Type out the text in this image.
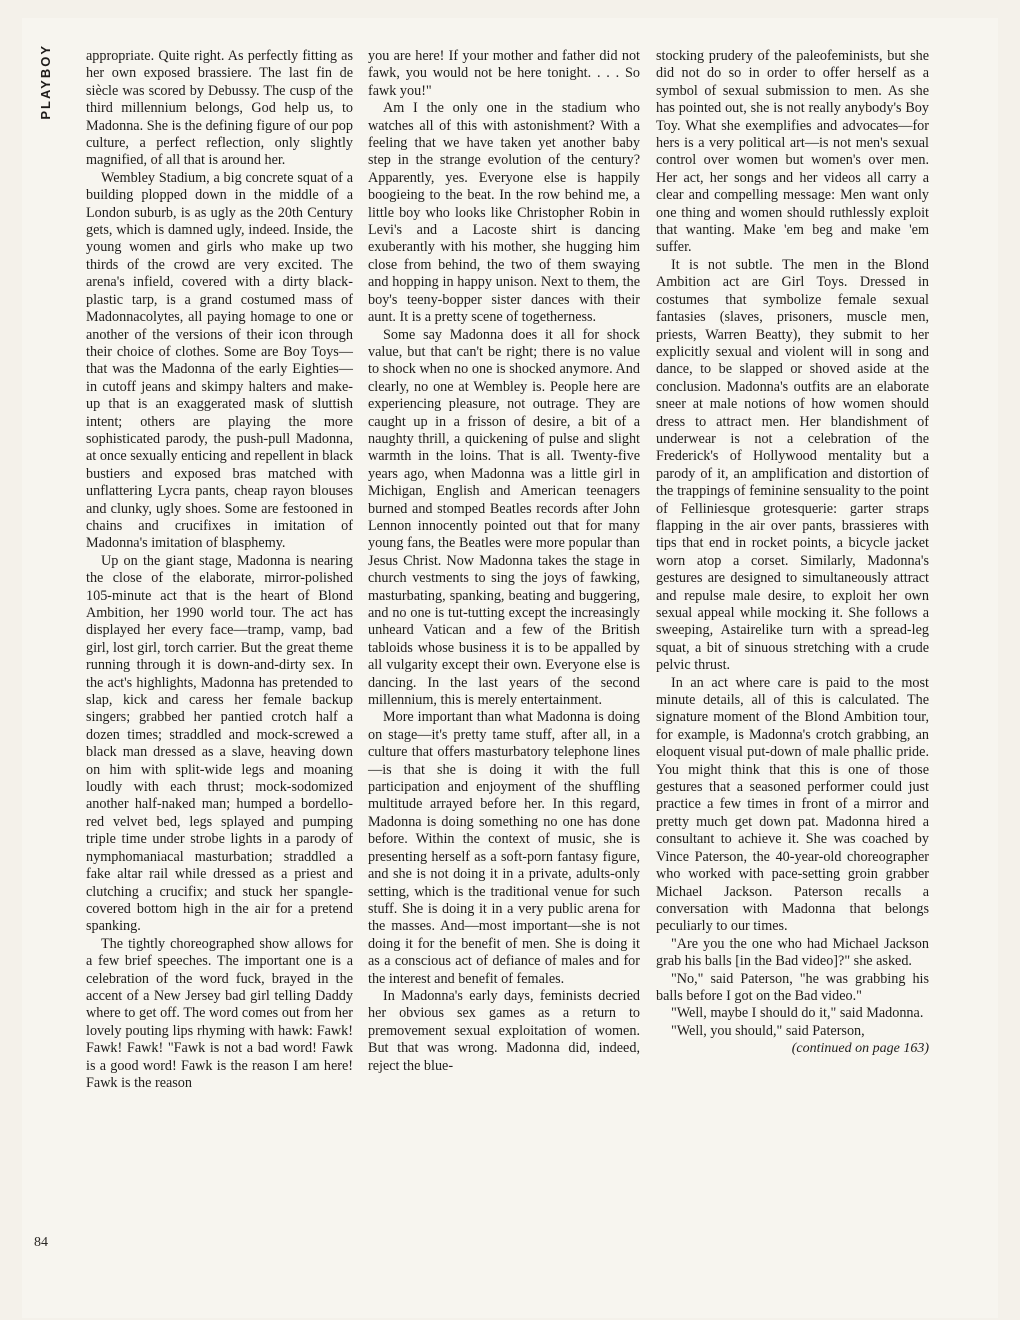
PLAYBOY appropriate. Quite right. As perfectly fitting as her own exposed brassiere. The last fin de siècle was scored by Debussy. The cusp of the third millennium belongs, God help us, to Madonna. She is the defining figure of our pop culture, a perfect reflection, only slightly magnified, of all that is around her.

Wembley Stadium, a big concrete squat of a building plopped down in the middle of a London suburb, is as ugly as the 20th Century gets, which is damned ugly, indeed. Inside, the young women and girls who make up two thirds of the crowd are very excited. The arena's infield, covered with a dirty black-plastic tarp, is a grand costumed mass of Madonnacolytes, all paying homage to one or another of the versions of their icon through their choice of clothes. Some are Boy Toys—that was the Madonna of the early Eighties—in cutoff jeans and skimpy halters and make-up that is an exaggerated mask of sluttish intent; others are playing the more sophisticated parody, the push-pull Madonna, at once sexually enticing and repellent in black bustiers and exposed bras matched with unflattering Lycra pants, cheap rayon blouses and clunky, ugly shoes. Some are festooned in chains and crucifixes in imitation of Madonna's imitation of blasphemy.

Up on the giant stage, Madonna is nearing the close of the elaborate, mirror-polished 105-minute act that is the heart of Blond Ambition, her 1990 world tour. The act has displayed her every face—tramp, vamp, bad girl, lost girl, torch carrier. But the great theme running through it is down-and-dirty sex. In the act's highlights, Madonna has pretended to slap, kick and caress her female backup singers; grabbed her pantied crotch half a dozen times; straddled and mock-screwed a black man dressed as a slave, heaving down on him with split-wide legs and moaning loudly with each thrust; mock-sodomized another half-naked man; humped a bordello-red velvet bed, legs splayed and pumping triple time under strobe lights in a parody of nymphomaniacal masturbation; straddled a fake altar rail while dressed as a priest and clutching a crucifix; and stuck her spangle-covered bottom high in the air for a pretend spanking.

The tightly choreographed show allows for a few brief speeches. The important one is a celebration of the word fuck, brayed in the accent of a New Jersey bad girl telling Daddy where to get off. The word comes out from her lovely pouting lips rhyming with hawk: Fawk! Fawk! Fawk! "Fawk is not a bad word! Fawk is a good word! Fawk is the reason I am here! Fawk is the reason

you are here! If your mother and father did not fawk, you would not be here tonight. . . . So fawk you!"

Am I the only one in the stadium who watches all of this with astonishment? With a feeling that we have taken yet another baby step in the strange evolution of the century? Apparently, yes. Everyone else is happily boogieing to the beat. In the row behind me, a little boy who looks like Christopher Robin in Levi's and a Lacoste shirt is dancing exuberantly with his mother, she hugging him close from behind, the two of them swaying and hopping in happy unison. Next to them, the boy's teeny-bopper sister dances with their aunt. It is a pretty scene of togetherness.

Some say Madonna does it all for shock value, but that can't be right; there is no value to shock when no one is shocked anymore. And clearly, no one at Wembley is. People here are experiencing pleasure, not outrage. They are caught up in a frisson of desire, a bit of a naughty thrill, a quickening of pulse and slight warmth in the loins. That is all. Twenty-five years ago, when Madonna was a little girl in Michigan, English and American teenagers burned and stomped Beatles records after John Lennon innocently pointed out that for many young fans, the Beatles were more popular than Jesus Christ. Now Madonna takes the stage in church vestments to sing the joys of fawking, masturbating, spanking, beating and buggering, and no one is tut-tutting except the increasingly unheard Vatican and a few of the British tabloids whose business it is to be appalled by all vulgarity except their own. Everyone else is dancing. In the last years of the second millennium, this is merely entertainment.

More important than what Madonna is doing on stage—it's pretty tame stuff, after all, in a culture that offers masturbatory telephone lines—is that she is doing it with the full participation and enjoyment of the shuffling multitude arrayed before her. In this regard, Madonna is doing something no one has done before. Within the context of music, she is presenting herself as a soft-porn fantasy figure, and she is not doing it in a private, adults-only setting, which is the traditional venue for such stuff. She is doing it in a very public arena for the masses. And—most important—she is not doing it for the benefit of men. She is doing it as a conscious act of defiance of males and for the interest and benefit of females.

In Madonna's early days, feminists decried her obvious sex games as a return to premovement sexual exploitation of women. But that was wrong. Madonna did, indeed, reject the blue-

stocking prudery of the paleofeminists, but she did not do so in order to offer herself as a symbol of sexual submission to men. As she has pointed out, she is not really anybody's Boy Toy. What she exemplifies and advocates—for hers is a very political art—is not men's sexual control over women but women's over men. Her act, her songs and her videos all carry a clear and compelling message: Men want only one thing and women should ruthlessly exploit that wanting. Make 'em beg and make 'em suffer.

It is not subtle. The men in the Blond Ambition act are Girl Toys. Dressed in costumes that symbolize female sexual fantasies (slaves, prisoners, muscle men, priests, Warren Beatty), they submit to her explicitly sexual and violent will in song and dance, to be slapped or shoved aside at the conclusion. Madonna's outfits are an elaborate sneer at male notions of how women should dress to attract men. Her blandishment of underwear is not a celebration of the Frederick's of Hollywood mentality but a parody of it, an amplification and distortion of the trappings of feminine sensuality to the point of Felliniesque grotesquerie: garter straps flapping in the air over pants, brassieres with tips that end in rocket points, a bicycle jacket worn atop a corset. Similarly, Madonna's gestures are designed to simultaneously attract and repulse male desire, to exploit her own sexual appeal while mocking it. She follows a sweeping, Astairelike turn with a spread-leg squat, a bit of sinuous stretching with a crude pelvic thrust.

In an act where care is paid to the most minute details, all of this is calculated. The signature moment of the Blond Ambition tour, for example, is Madonna's crotch grabbing, an eloquent visual put-down of male phallic pride. You might think that this is one of those gestures that a seasoned performer could just practice a few times in front of a mirror and pretty much get down pat. Madonna hired a consultant to achieve it. She was coached by Vince Paterson, the 40-year-old choreographer who worked with pace-setting groin grabber Michael Jackson. Paterson recalls a conversation with Madonna that belongs peculiarly to our times.

"Are you the one who had Michael Jackson grab his balls [in the Bad video]?" she asked.

"No," said Paterson, "he was grabbing his balls before I got on the Bad video."

"Well, maybe I should do it," said Madonna.

"Well, you should," said Paterson,

(continued on page 163)
84
